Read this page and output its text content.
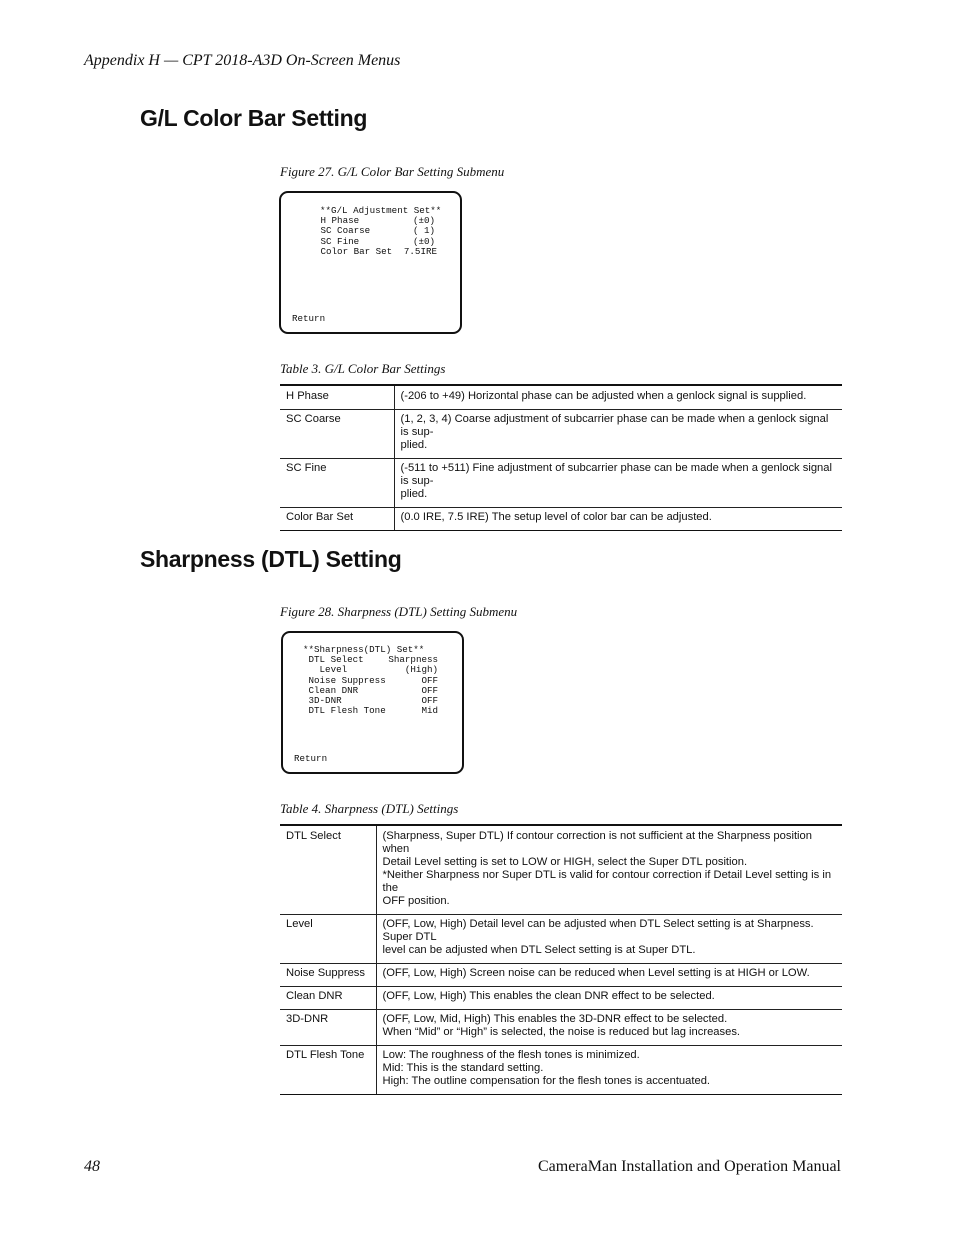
Appendix H — CPT 2018-A3D On-Screen Menus
G/L Color Bar Setting
Figure 27. G/L Color Bar Setting Submenu
**G/L Adjustment Set**
H Phase	(±0)
SC Coarse	( 1)
SC Fine	(±0)
Color Bar Set 7.5IRE
Return
Table 3. G/L Color Bar Settings
H Phase	(-206 to +49) Horizontal phase can be adjusted when a genlock signal is supplied.

SC Coarse	(1, 2, 3, 4) Coarse adjustment of subcarrier phase can be made when a genlock signal is sup-
plied.

SC Fine	(-511 to +511) Fine adjustment of subcarrier phase can be made when a genlock signal is sup-
plied.

Color Bar Set	(0.0 IRE, 7.5 IRE) The setup level of color bar can be adjusted.
Sharpness (DTL) Setting
Figure 28. Sharpness (DTL) Setting Submenu
**Sharpness(DTL) Set**
DTL Select	Sharpness
Level	(High)
Noise Suppress	OFF
Clean DNR	OFF
3D-DNR	OFF
DTL Flesh Tone	Mid
Return
Table 4. Sharpness (DTL) Settings
DTL Select	(Sharpness, Super DTL) If contour correction is not sufficient at the Sharpness position when
Detail Level setting is set to LOW or HIGH, select the Super DTL position.
*Neither Sharpness nor Super DTL is valid for contour correction if Detail Level setting is in the
OFF position.

Level	(OFF, Low, High) Detail level can be adjusted when DTL Select setting is at Sharpness. Super DTL
level can be adjusted when DTL Select setting is at Super DTL.

Noise Suppress	(OFF, Low, High) Screen noise can be reduced when Level setting is at HIGH or LOW.

Clean DNR	(OFF, Low, High) This enables the clean DNR effect to be selected.

3D-DNR	(OFF, Low, Mid, High) This enables the 3D-DNR effect to be selected.
When “Mid” or “High” is selected, the noise is reduced but lag increases.

DTL Flesh Tone	Low: The roughness of the flesh tones is minimized.
Mid: This is the standard setting.
High: The outline compensation for the flesh tones is accentuated.
48	CameraMan Installation and Operation Manual
